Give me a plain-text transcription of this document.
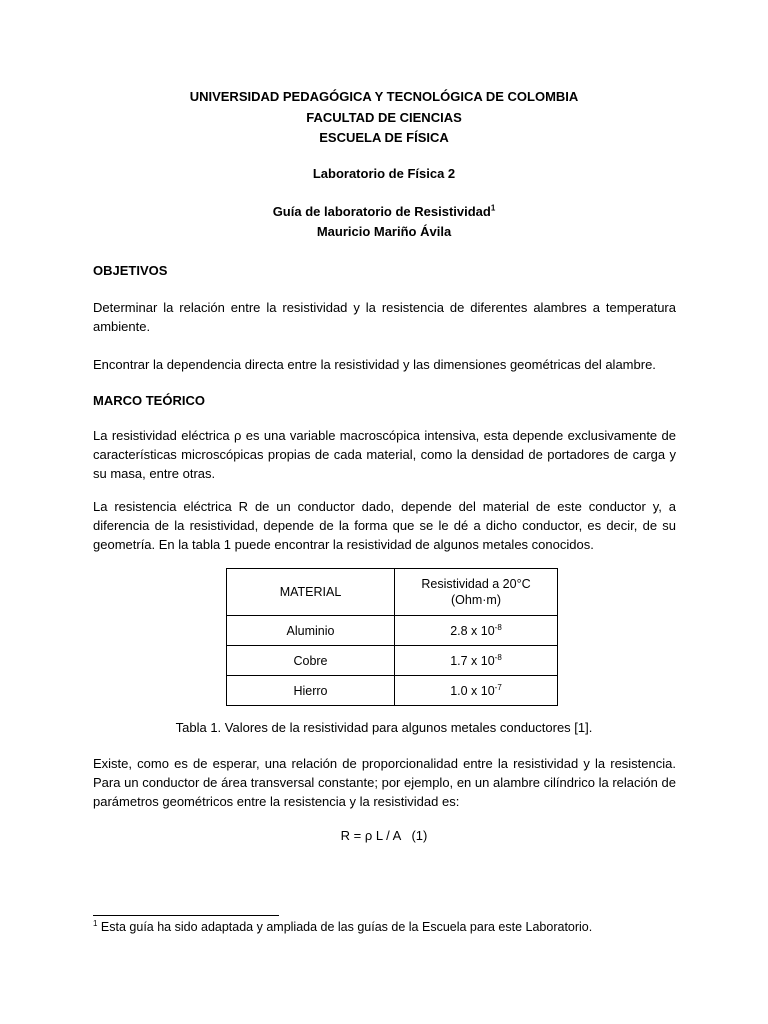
UNIVERSIDAD PEDAGÓGICA Y TECNOLÓGICA DE COLOMBIA
FACULTAD DE CIENCIAS
ESCUELA DE FÍSICA
Laboratorio de Física 2
Guía de laboratorio de Resistividad$^1$
Mauricio Mariño Ávila
OBJETIVOS
Determinar la relación entre la resistividad y la resistencia de diferentes alambres a temperatura ambiente.
Encontrar la dependencia directa entre la resistividad y las dimensiones geométricas del alambre.
MARCO TEÓRICO
La resistividad eléctrica ρ es una variable macroscópica intensiva, esta depende exclusivamente de características microscópicas propias de cada material, como la densidad de portadores de carga y su masa, entre otras.
La resistencia eléctrica R de un conductor dado, depende del material de este conductor y, a diferencia de la resistividad, depende de la forma que se le dé a dicho conductor, es decir, de su geometría. En la tabla 1 puede encontrar la resistividad de algunos metales conocidos.
MATERIAL	Resistividad a 20°C
(Ohm·m)
Aluminio	2.8 x $10^{-8}$
Cobre	1.7 x $10^{-8}$
Hierro	1.0 x $10^{-7}$
Tabla 1. Valores de la resistividad para algunos metales conductores [1].
Existe, como es de esperar, una relación de proporcionalidad entre la resistividad y la resistencia. Para un conductor de área transversal constante; por ejemplo, en un alambre cilíndrico la relación de parámetros geométricos entre la resistencia y la resistividad es:
R = ρ L / A   (1)
$^1$ Esta guía ha sido adaptada y ampliada de las guías de la Escuela para este Laboratorio.
